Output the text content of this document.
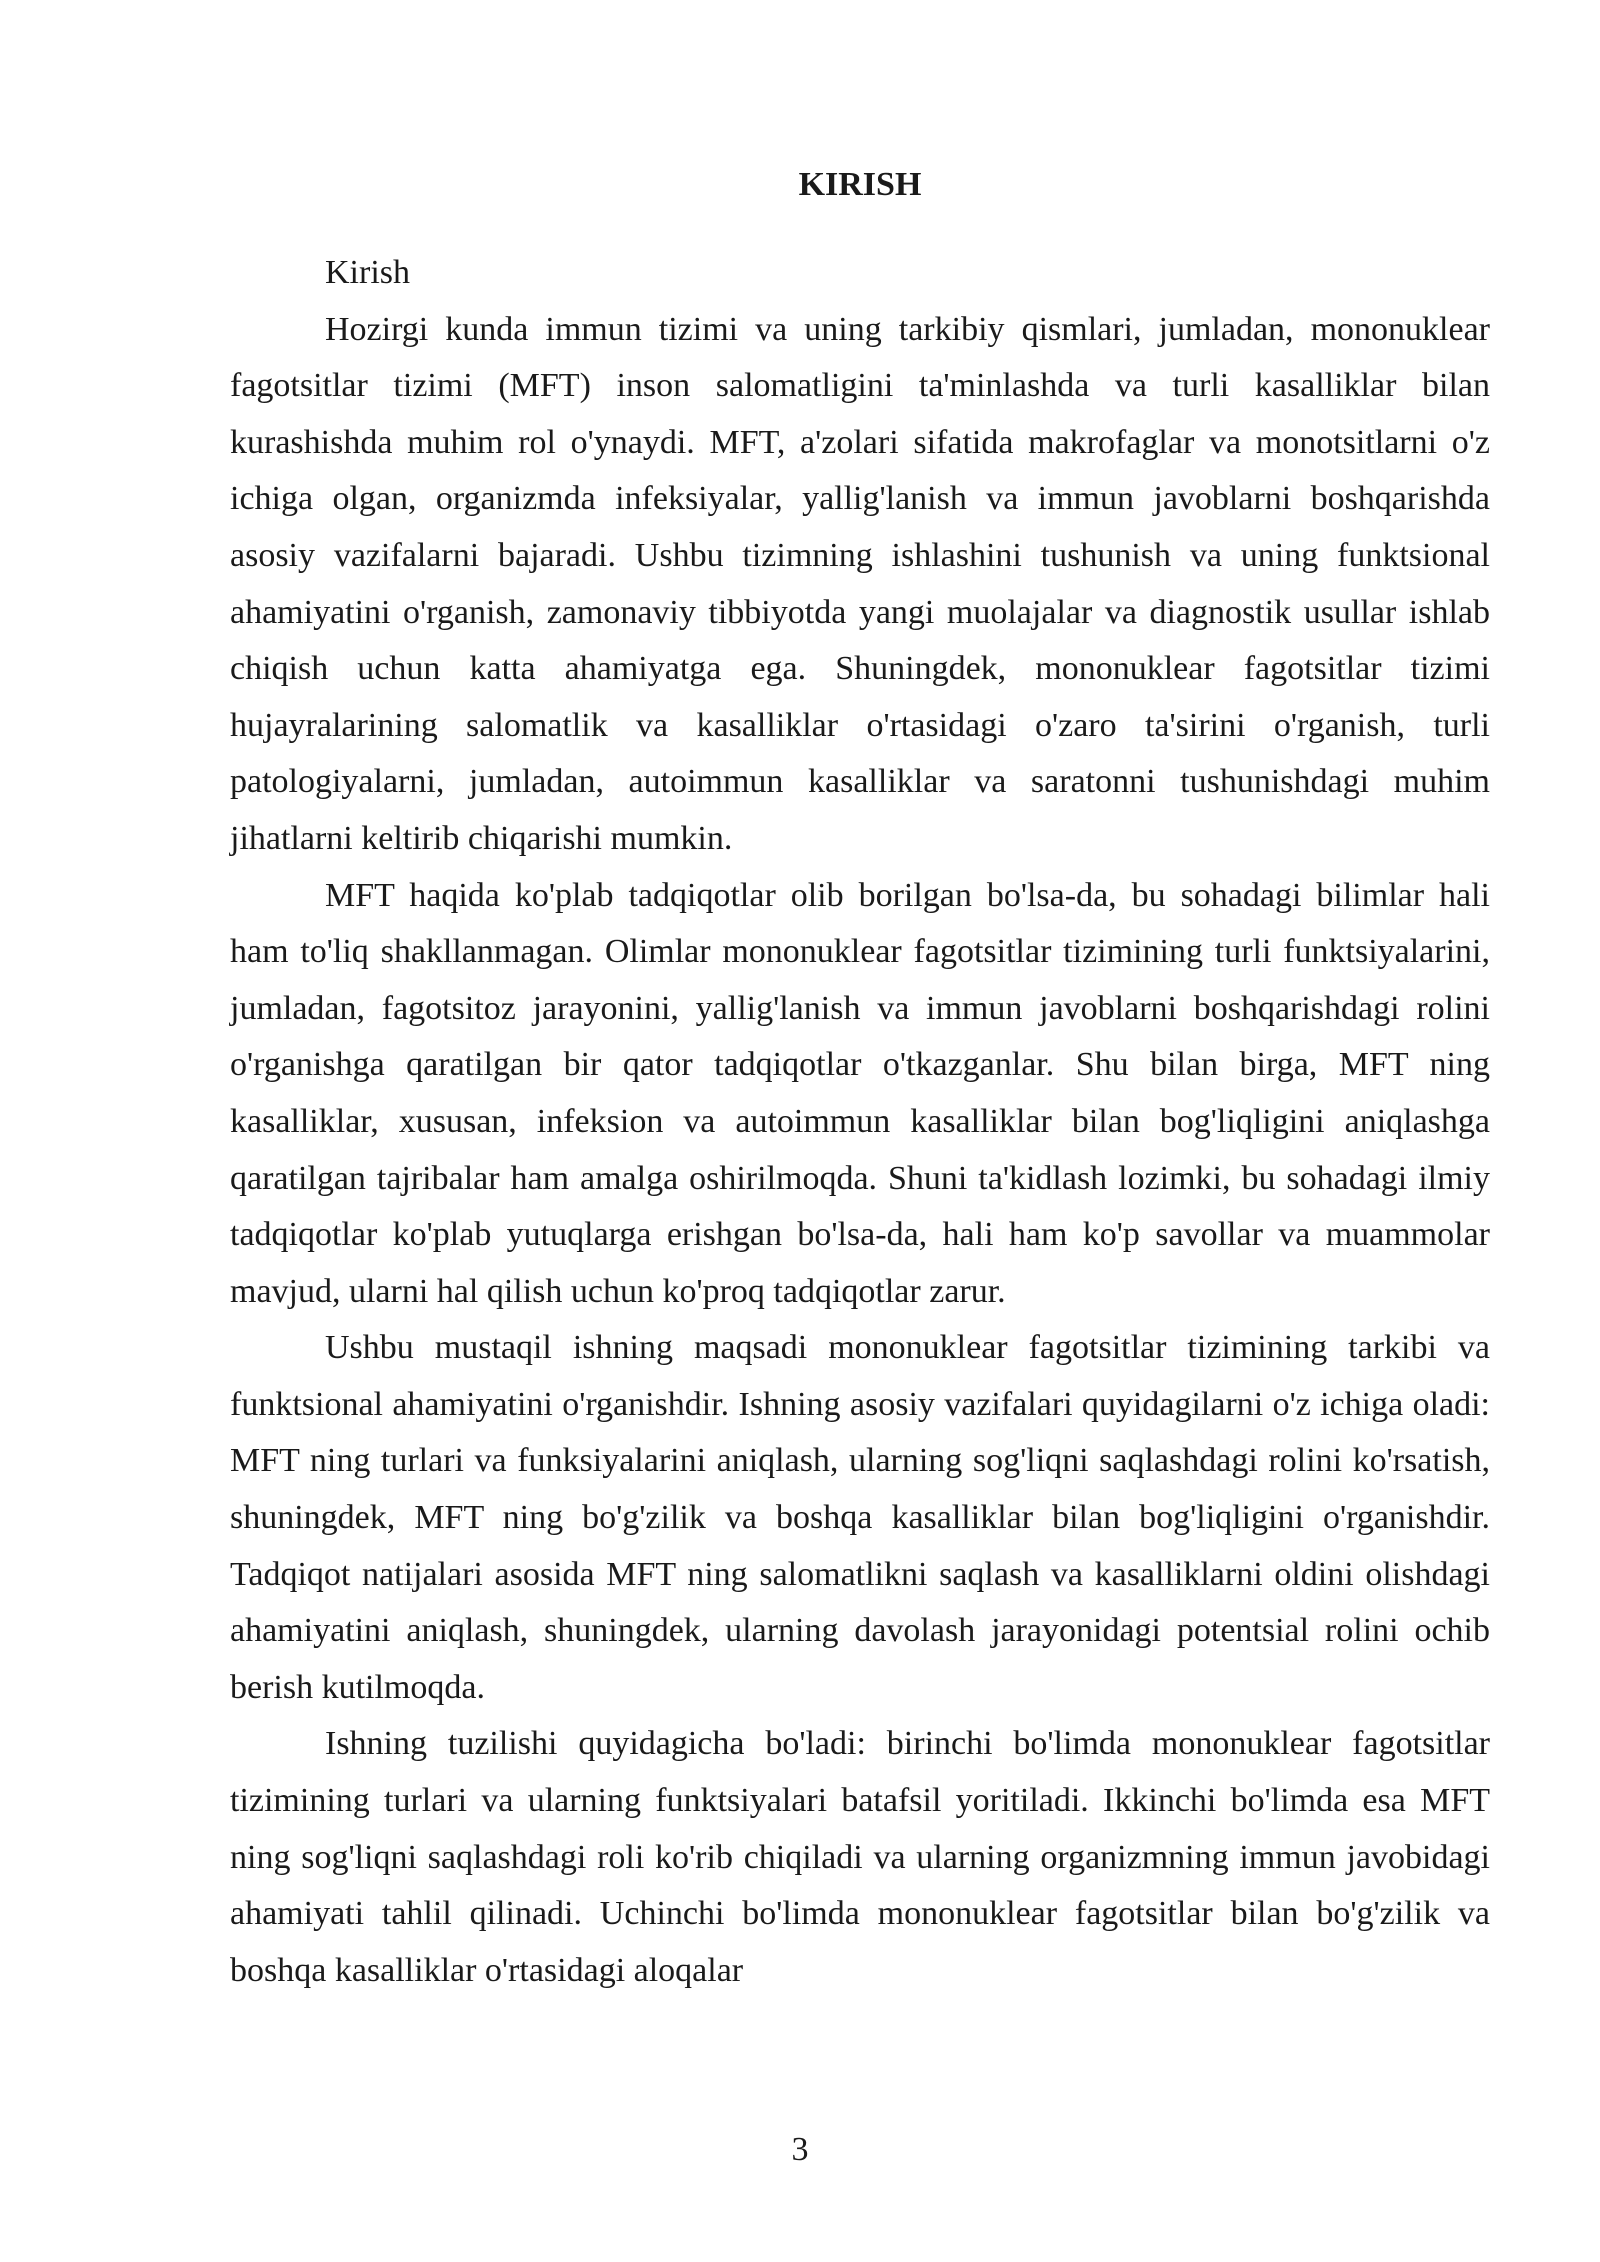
KIRISH

Kirish

Hozirgi kunda immun tizimi va uning tarkibiy qismlari, jumladan, mononuklear fagotsitlar tizimi (MFT) inson salomatligini ta'minlashda va turli kasalliklar bilan kurashishda muhim rol o'ynaydi. MFT, a'zolari sifatida makrofaglar va monotsitlarni o'z ichiga olgan, organizmda infeksiyalar, yallig'lanish va immun javoblarni boshqarishda asosiy vazifalarni bajaradi. Ushbu tizimning ishlashini tushunish va uning funktsional ahamiyatini o'rganish, zamonaviy tibbiyotda yangi muolajalar va diagnostik usullar ishlab chiqish uchun katta ahamiyatga ega. Shuningdek, mononuklear fagotsitlar tizimi hujayralarining salomatlik va kasalliklar o'rtasidagi o'zaro ta'sirini o'rganish, turli patologiyalarni, jumladan, autoimmun kasalliklar va saratonni tushunishdagi muhim jihatlarni keltirib chiqarishi mumkin.

MFT haqida ko'plab tadqiqotlar olib borilgan bo'lsa-da, bu sohadagi bilimlar hali ham to'liq shakllanmagan. Olimlar mononuklear fagotsitlar tizimining turli funktsiyalarini, jumladan, fagotsitoz jarayonini, yallig'lanish va immun javoblarni boshqarishdagi rolini o'rganishga qaratilgan bir qator tadqiqotlar o'tkazganlar. Shu bilan birga, MFT ning kasalliklar, xususan, infeksion va autoimmun kasalliklar bilan bog'liqligini aniqlashga qaratilgan tajribalar ham amalga oshirilmoqda. Shuni ta'kidlash lozimki, bu sohadagi ilmiy tadqiqotlar ko'plab yutuqlarga erishgan bo'lsa-da, hali ham ko'p savollar va muammolar mavjud, ularni hal qilish uchun ko'proq tadqiqotlar zarur.

Ushbu mustaqil ishning maqsadi mononuklear fagotsitlar tizimining tarkibi va funktsional ahamiyatini o'rganishdir. Ishning asosiy vazifalari quyidagilarni o'z ichiga oladi: MFT ning turlari va funksiyalarini aniqlash, ularning sog'liqni saqlashdagi rolini ko'rsatish, shuningdek, MFT ning bo'g'zilik va boshqa kasalliklar bilan bog'liqligini o'rganishdir. Tadqiqot natijalari asosida MFT ning salomatlikni saqlash va kasalliklarni oldini olishdagi ahamiyatini aniqlash, shuningdek, ularning davolash jarayonidagi potentsial rolini ochib berish kutilmoqda.

Ishning tuzilishi quyidagicha bo'ladi: birinchi bo'limda mononuklear fagotsitlar tizimining turlari va ularning funktsiyalari batafsil yoritiladi. Ikkinchi bo'limda esa MFT ning sog'liqni saqlashdagi roli ko'rib chiqiladi va ularning organizmning immun javobidagi ahamiyati tahlil qilinadi. Uchinchi bo'limda mononuklear fagotsitlar bilan bo'g'zilik va boshqa kasalliklar o'rtasidagi aloqalar

3
